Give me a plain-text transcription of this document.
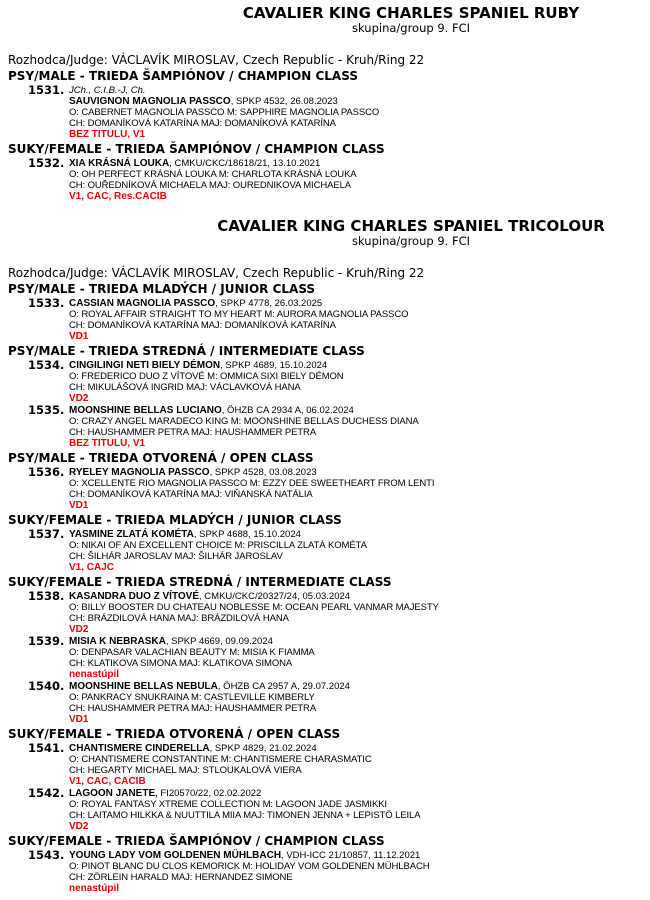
CAVALIER KING CHARLES SPANIEL RUBY
skupina/group 9. FCI
Rozhodca/Judge: VÁCLAVÍK MIROSLAV, Czech Republic - Kruh/Ring 22
PSY/MALE - TRIEDA ŠAMPIÓNOV / CHAMPION CLASS
1531. JCh., C.I.B.-J, Ch.
SAUVIGNON MAGNOLIA PASSCO, SPKP 4532, 26.08.2023
O: CABERNET MAGNOLIA PASSCO M: SAPPHIRE MAGNOLIA PASSCO
CH: DOMANÍKOVÁ KATARÍNA MAJ: DOMANÍKOVÁ KATARÍNA
BEZ TITULU, V1
SUKY/FEMALE - TRIEDA ŠAMPIÓNOV / CHAMPION CLASS
1532. XIA KRÁSNÁ LOUKA, CMKU/CKC/18618/21, 13.10.2021
O: OH PERFECT KRÁSNÁ LOUKA M: CHARLOTA KRÁSNÁ LOUKA
CH: OUŘEDNÍKOVÁ MICHAELA MAJ: OUREDNIKOVA MICHAELA
V1, CAC, Res.CACIB
CAVALIER KING CHARLES SPANIEL TRICOLOUR
skupina/group 9. FCI
Rozhodca/Judge: VÁCLAVÍK MIROSLAV, Czech Republic - Kruh/Ring 22
PSY/MALE - TRIEDA MLADÝCH / JUNIOR CLASS
1533. CASSIAN MAGNOLIA PASSCO, SPKP 4778, 26.03.2025
O: ROYAL AFFAIR STRAIGHT TO MY HEART M: AURORA MAGNOLIA PASSCO
CH: DOMANÍKOVÁ KATARÍNA MAJ: DOMANÍKOVÁ KATARÍNA
VD1
PSY/MALE - TRIEDA STREDNÁ / INTERMEDIATE CLASS
1534. CINGILINGI NETI BIELY DÉMON, SPKP 4689, 15.10.2024
O: FREDERICO DUO Z VÍTOVÉ M: OMMICA SIXI BIELY DÉMON
CH: MIKULÁŠOVÁ INGRID MAJ: VÁCLAVKOVÁ HANA
VD2
1535. MOONSHINE BELLAS LUCIANO, ÖHZB CA 2934 A, 06.02.2024
O: CRAZY ANGEL MARADECO KING M: MOONSHINE BELLAS DUCHESS DIANA
CH: HAUSHAMMER PETRA MAJ: HAUSHAMMER PETRA
BEZ TITULU, V1
PSY/MALE - TRIEDA OTVORENÁ / OPEN CLASS
1536. RYELEY MAGNOLIA PASSCO, SPKP 4528, 03.08.2023
O: XCELLENTE RIO MAGNOLIA PASSCO M: EZZY DEE SWEETHEART FROM LENTI
CH: DOMANÍKOVÁ KATARÍNA MAJ: VIŇANSKÁ NATÁLIA
VD1
SUKY/FEMALE - TRIEDA MLADÝCH / JUNIOR CLASS
1537. YASMINE ZLATÁ KOMÉTA, SPKP 4688, 15.10.2024
O: NIKAI OF AN EXCELLENT CHOICE M: PRISCILLA ZLATÁ KOMÉTA
CH: ŠILHÁR JAROSLAV MAJ: ŠILHÁR JAROSLAV
V1, CAJC
SUKY/FEMALE - TRIEDA STREDNÁ / INTERMEDIATE CLASS
1538. KASANDRA DUO Z VÍTOVÉ, CMKU/CKC/20327/24, 05.03.2024
O: BILLY BOOSTER DU CHATEAU NOBLESSE M: OCEAN PEARL VANMAR MAJESTY
CH: BRÁZDILOVÁ HANA MAJ: BRÁZDILOVÁ HANA
VD2
1539. MISIA K NEBRASKA, SPKP 4669, 09.09.2024
O: DENPASAR VALACHIAN BEAUTY M: MISIA K FIAMMA
CH: KLATIKOVA SIMONA MAJ: KLATIKOVA SIMONA
nenastúpil
1540. MOONSHINE BELLAS NEBULA, ÖHZB CA 2957 A, 29.07.2024
O: PANKRACY SNUKRAINA M: CASTLEVILLE KIMBERLY
CH: HAUSHAMMER PETRA MAJ: HAUSHAMMER PETRA
VD1
SUKY/FEMALE - TRIEDA OTVORENÁ / OPEN CLASS
1541. CHANTISMERE CINDERELLA, SPKP 4829, 21.02.2024
O: CHANTISMERE CONSTANTINE M: CHANTISMERE CHARASMATIC
CH: HEGARTY MICHAEL MAJ: STLOUKALOVÁ VIERA
V1, CAC, CACIB
1542. LAGOON JANETE, FI20570/22, 02.02.2022
O: ROYAL FANTASY XTREME COLLECTION M: LAGOON JADE JASMIKKI
CH: LAITAMO HILKKA & NUUTTILA MIIA MAJ: TIMONEN JENNA + LEPISTÖ LEILA
VD2
SUKY/FEMALE - TRIEDA ŠAMPIÓNOV / CHAMPION CLASS
1543. YOUNG LADY VOM GOLDENEN MÜHLBACH, VDH-ICC 21/10857, 11.12.2021
O: PINOT BLANC DU CLOS KEMORICK M: HOLIDAY VOM GOLDENEN MÜHLBACH
CH: ZÖRLEIN HARALD MAJ: HERNANDEZ SIMONE
nenastúpil
